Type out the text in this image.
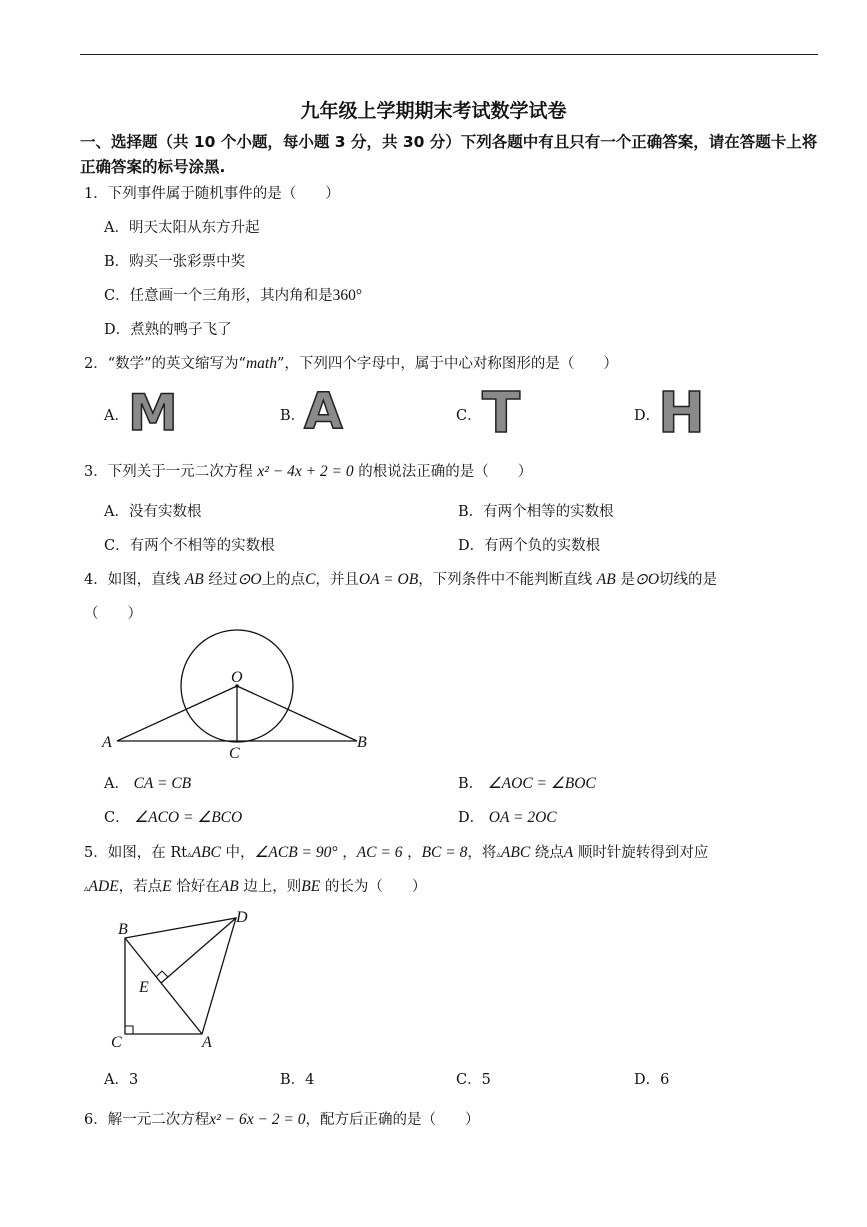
九年级上学期期末考试数学试卷
一、选择题（共 10 个小题，每小题 3 分，共 30 分）下列各题中有且只有一个正确答案，请在答题卡上将正确答案的标号涂黑.
1．下列事件属于随机事件的是（　　）
A．明天太阳从东方升起
B．购买一张彩票中奖
C．任意画一个三角形，其内角和是360°
D．煮熟的鸭子飞了
2．“数学”的英文缩写为“math”，下列四个字母中，属于中心对称图形的是（　　）
A． M	B．
A	C． T	D．
H
3．下列关于一元二次方程 x² − 4x + 2 = 0 的根说法正确的是（　　）
A．没有实数根	B．有两个相等的实数根
C．有两个不相等的实数根	D．有两个负的实数根
4．如图，直线 AB 经过⊙O上的点C，并且OA = OB，下列条件中不能判断直线 AB 是⊙O切线的是
（　　）
O
A	B
C
B
D
E
C	A
A． CA = CB	B． ∠AOC = ∠BOC
C． ∠ACO = ∠BCO	D． OA = 2OC
5．如图，在 Rt▵ABC 中，∠ACB = 90° ，AC = 6 ，BC = 8，将▵ABC 绕点A 顺时针旋转得到对应
▵ADE，若点E 恰好在AB 边上，则BE 的长为（　　）
A．3	B．4	C．5	D．6
6．解一元二次方程x² − 6x − 2 = 0，配方后正确的是（　　）
